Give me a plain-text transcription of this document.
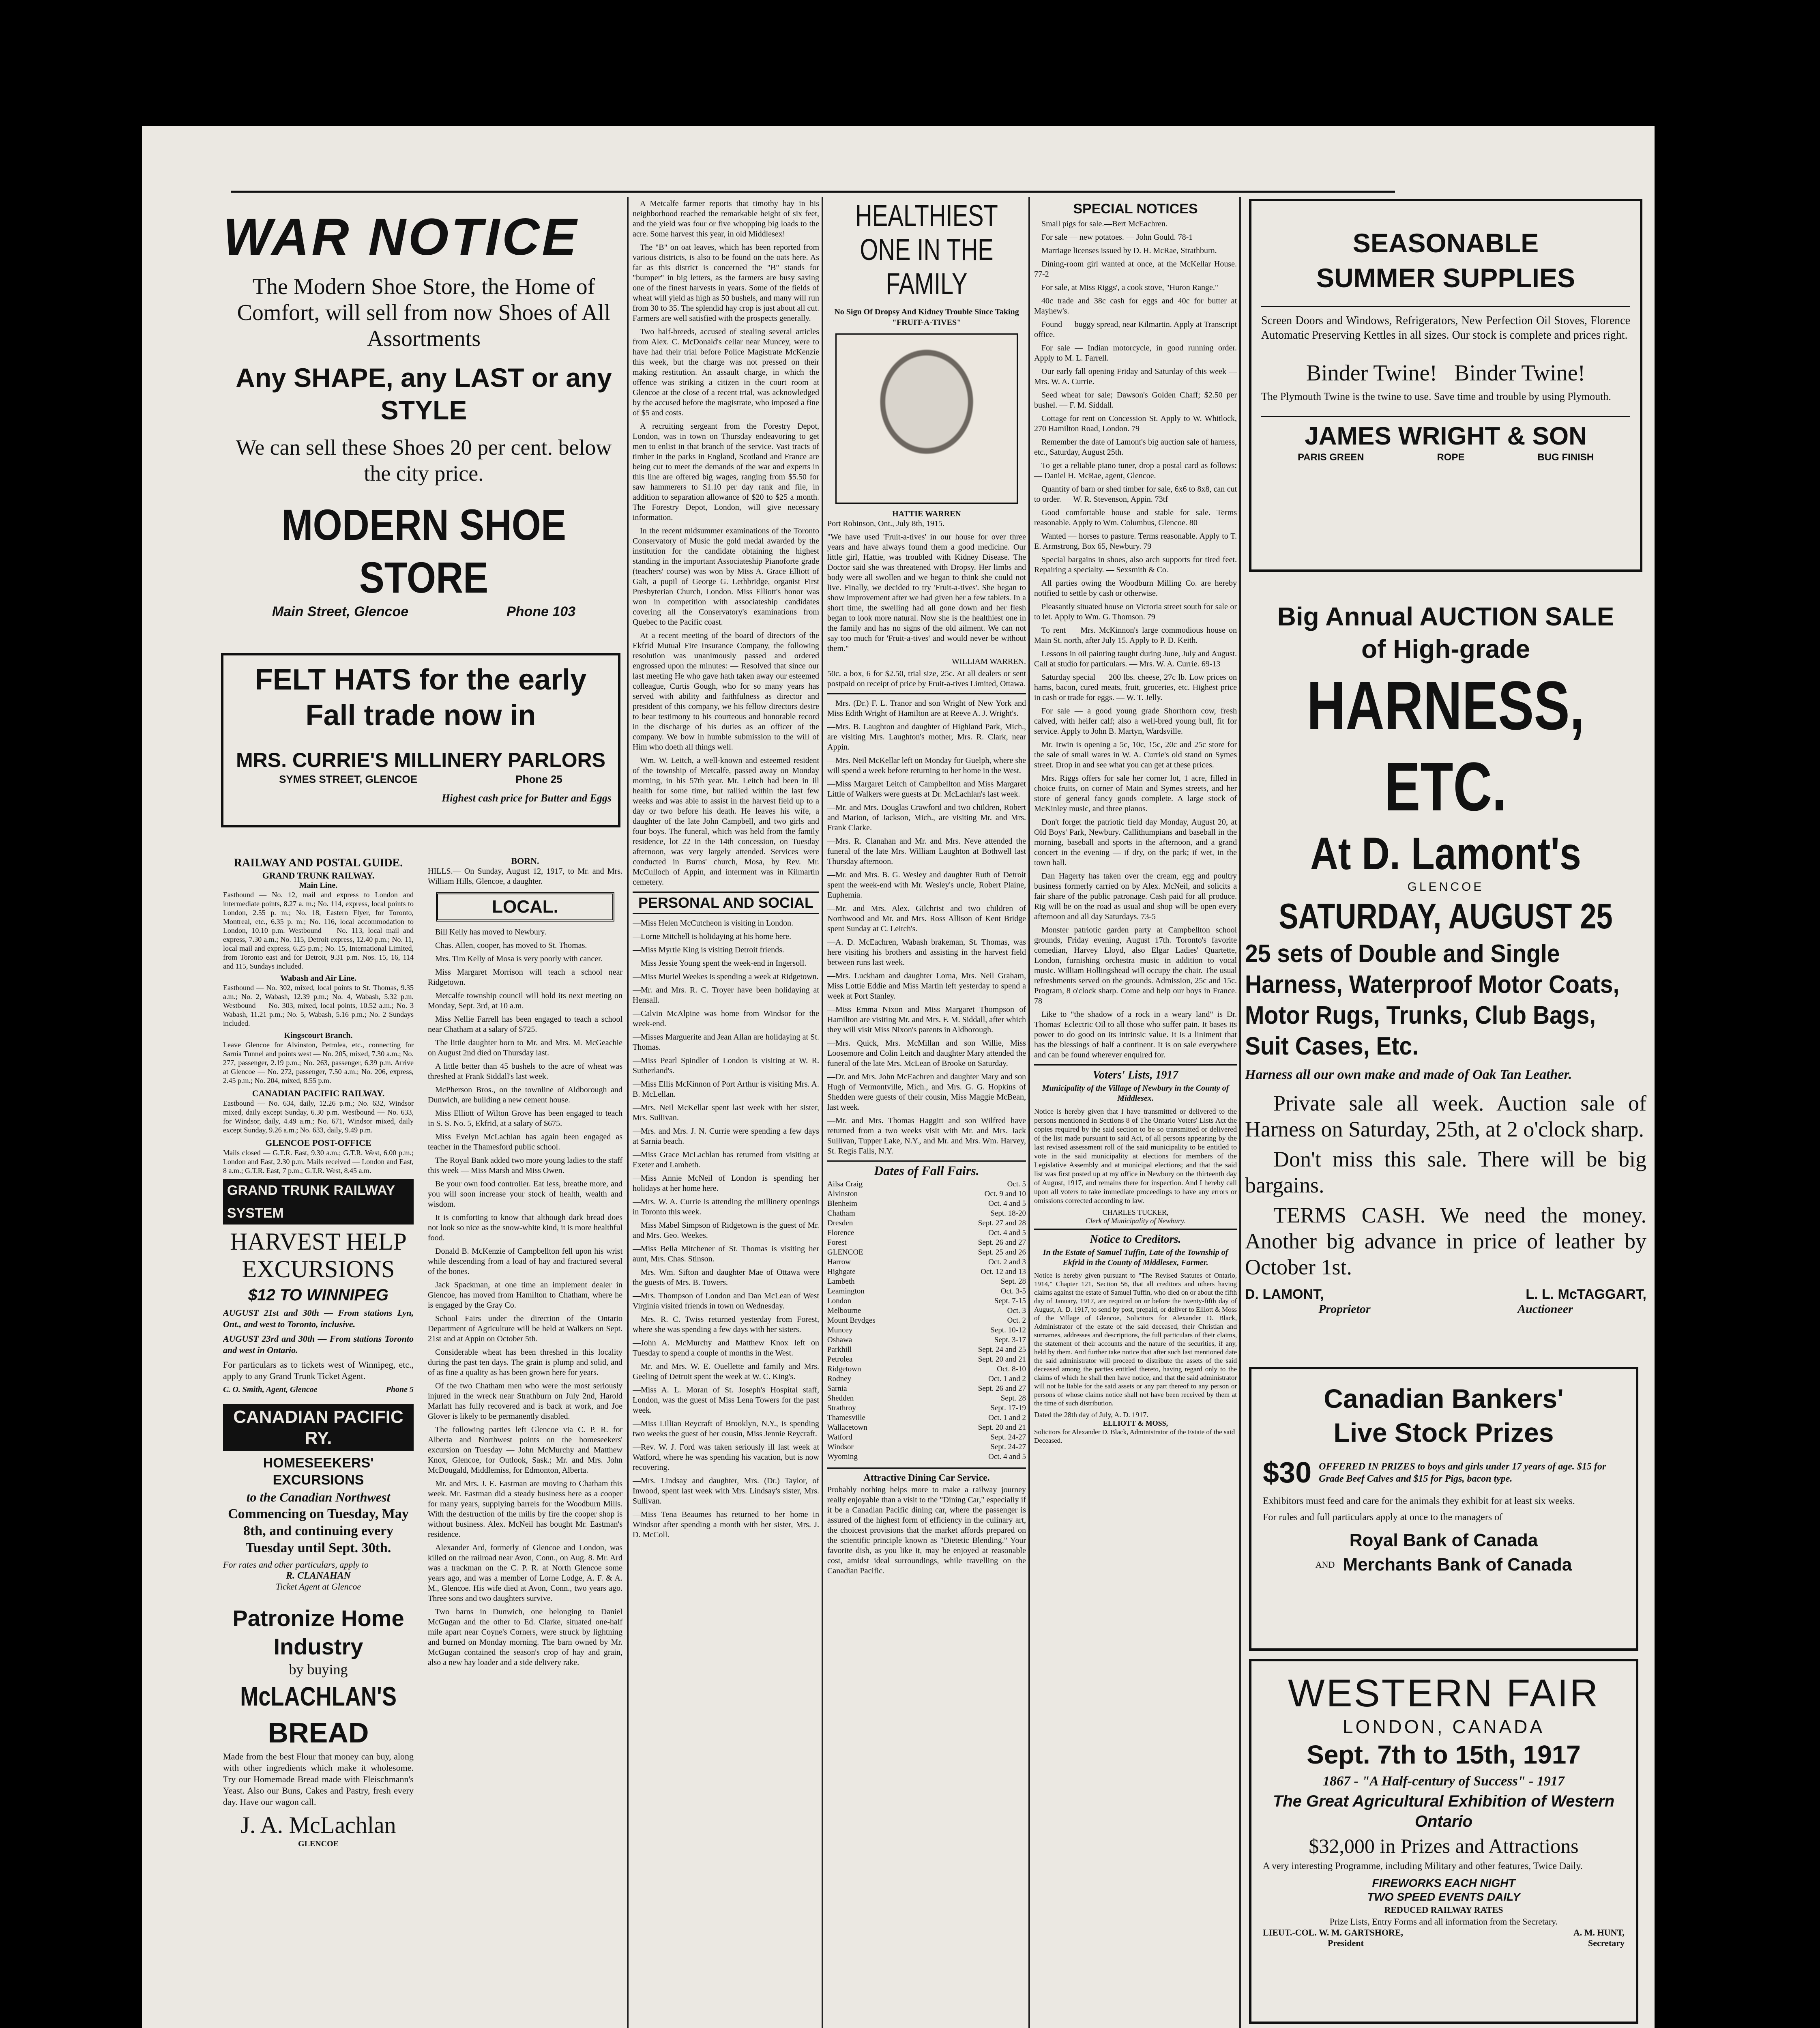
WAR NOTICE
The Modern Shoe Store, the Home of Comfort, will sell from now Shoes of All Assortments
Any SHAPE, any LAST or any STYLE
We can sell these Shoes 20 per cent. below the city price.
MODERN SHOE STORE
Main Street, Glencoe	Phone 103
FELT HATS for the early Fall trade now in
MRS. CURRIE'S MILLINERY PARLORS
SYMES STREET, GLENCOE	Phone 25
Highest cash price for Butter and Eggs

RAILWAY AND POSTAL GUIDE.

GRAND TRUNK RAILWAY.

Main Line.

Eastbound — No. 12, mail and express to London and intermediate points, 8.27 a. m.; No. 114, express, local points to London, 2.55 p. m.; No. 18, Eastern Flyer, for Toronto, Montreal, etc., 6.35 p. m.; No. 116, local accommodation to London, 10.10 p.m. Westbound — No. 113, local mail and express, 7.30 a.m.; No. 115, Detroit express, 12.40 p.m.; No. 11, local mail and express, 6.25 p.m.; No. 15, International Limited, from Toronto east and for Detroit, 9.31 p.m. Nos. 15, 16, 114 and 115, Sundays included.

Wabash and Air Line.

Eastbound — No. 302, mixed, local points to St. Thomas, 9.35 a.m.; No. 2, Wabash, 12.39 p.m.; No. 4, Wabash, 5.32 p.m. Westbound — No. 303, mixed, local points, 10.52 a.m.; No. 3 Wabash, 11.21 p.m.; No. 5, Wabash, 5.16 p.m.; No. 2 Sundays included.

Kingscourt Branch.

Leave Glencoe for Alvinston, Petrolea, etc., connecting for Sarnia Tunnel and points west — No. 205, mixed, 7.30 a.m.; No. 277, passenger, 2.19 p.m.; No. 263, passenger, 6.39 p.m. Arrive at Glencoe — No. 272, passenger, 7.50 a.m.; No. 206, express, 2.45 p.m.; No. 204, mixed, 8.55 p.m.

CANADIAN PACIFIC RAILWAY.

Eastbound — No. 634, daily, 12.26 p.m.; No. 632, Windsor mixed, daily except Sunday, 6.30 p.m. Westbound — No. 633, for Windsor, daily, 4.49 a.m.; No. 671, Windsor mixed, daily except Sunday, 9.26 a.m.; No. 633, daily, 9.49 p.m.

GLENCOE POST-OFFICE

Mails closed — G.T.R. East, 9.30 a.m.; G.T.R. West, 6.00 p.m.; London and East, 2.30 p.m. Mails received — London and East, 8 a.m.; G.T.R. East, 7 p.m.; G.T.R. West, 8.45 a.m.

GRAND TRUNK RAILWAY SYSTEM
HARVEST HELP EXCURSIONS
$12 TO WINNIPEG

AUGUST 21st and 30th — From stations Lyn, Ont., and west to Toronto, inclusive.

AUGUST 23rd and 30th — From stations Toronto and west in Ontario.

For particulars as to tickets west of Winnipeg, etc., apply to any Grand Trunk Ticket Agent.

C. O. Smith, Agent, Glencoe	Phone 5
CANADIAN PACIFIC RY.
HOMESEEKERS' EXCURSIONS
to the Canadian Northwest
Commencing on Tuesday, May 8th, and continuing every Tuesday until Sept. 30th.
For rates and other particulars, apply to
R. CLANAHAN
Ticket Agent at Glencoe
Patronize Home Industry
by buying
McLACHLAN'S
BREAD

Made from the best Flour that money can buy, along with other ingredients which make it wholesome. Try our Homemade Bread made with Fleischmann's Yeast. Also our Buns, Cakes and Pastry, fresh every day. Have our wagon call.

J. A. McLachlan
GLENCOE

BORN.

HILLS.— On Sunday, August 12, 1917, to Mr. and Mrs. William Hills, Glencoe, a daughter.

LOCAL.

Bill Kelly has moved to Newbury.

Chas. Allen, cooper, has moved to St. Thomas.

Mrs. Tim Kelly of Mosa is very poorly with cancer.

Miss Margaret Morrison will teach a school near Ridgetown.

Metcalfe township council will hold its next meeting on Monday, Sept. 3rd, at 10 a.m.

Miss Nellie Farrell has been engaged to teach a school near Chatham at a salary of $725.

The little daughter born to Mr. and Mrs. M. McGeachie on August 2nd died on Thursday last.

A little better than 45 bushels to the acre of wheat was threshed at Frank Siddall's last week.

McPherson Bros., on the townline of Aldborough and Dunwich, are building a new cement house.

Miss Elliott of Wilton Grove has been engaged to teach in S. S. No. 5, Ekfrid, at a salary of $675.

Miss Evelyn McLachlan has again been engaged as teacher in the Thamesford public school.

The Royal Bank added two more young ladies to the staff this week — Miss Marsh and Miss Owen.

Be your own food controller. Eat less, breathe more, and you will soon increase your stock of health, wealth and wisdom.

It is comforting to know that although dark bread does not look so nice as the snow-white kind, it is more healthful food.

Donald B. McKenzie of Campbellton fell upon his wrist while descending from a load of hay and fractured several of the bones.

Jack Spackman, at one time an implement dealer in Glencoe, has moved from Hamilton to Chatham, where he is engaged by the Gray Co.

School Fairs under the direction of the Ontario Department of Agriculture will be held at Walkers on Sept. 21st and at Appin on October 5th.

Considerable wheat has been threshed in this locality during the past ten days. The grain is plump and solid, and of as fine a quality as has been grown here for years.

Of the two Chatham men who were the most seriously injured in the wreck near Strathburn on July 2nd, Harold Marlatt has fully recovered and is back at work, and Joe Glover is likely to be permanently disabled.

The following parties left Glencoe via C. P. R. for Alberta and Northwest points on the homeseekers' excursion on Tuesday — John McMurchy and Matthew Knox, Glencoe, for Outlook, Sask.; Mr. and Mrs. John McDougald, Middlemiss, for Edmonton, Alberta.

Mr. and Mrs. J. E. Eastman are moving to Chatham this week. Mr. Eastman did a steady business here as a cooper for many years, supplying barrels for the Woodburn Mills. With the destruction of the mills by fire the cooper shop is without business. Alex. McNeil has bought Mr. Eastman's residence.

Alexander Ard, formerly of Glencoe and London, was killed on the railroad near Avon, Conn., on Aug. 8. Mr. Ard was a trackman on the C. P. R. at North Glencoe some years ago, and was a member of Lorne Lodge, A. F. & A. M., Glencoe. His wife died at Avon, Conn., two years ago. Three sons and two daughters survive.

Two barns in Dunwich, one belonging to Daniel McGugan and the other to Ed. Clarke, situated one-half mile apart near Coyne's Corners, were struck by lightning and burned on Monday morning. The barn owned by Mr. McGugan contained the season's crop of hay and grain, also a new hay loader and a side delivery rake.

A Metcalfe farmer reports that timothy hay in his neighborhood reached the remarkable height of six feet, and the yield was four or five whopping big loads to the acre. Some harvest this year, in old Middlesex!

The "B" on oat leaves, which has been reported from various districts, is also to be found on the oats here. As far as this district is concerned the "B" stands for "bumper" in big letters, as the farmers are busy saving one of the finest harvests in years. Some of the fields of wheat will yield as high as 50 bushels, and many will run from 30 to 35. The splendid hay crop is just about all cut. Farmers are well satisfied with the prospects generally.

Two half-breeds, accused of stealing several articles from Alex. C. McDonald's cellar near Muncey, were to have had their trial before Police Magistrate McKenzie this week, but the charge was not pressed on their making restitution. An assault charge, in which the offence was striking a citizen in the court room at Glencoe at the close of a recent trial, was acknowledged by the accused before the magistrate, who imposed a fine of $5 and costs.

A recruiting sergeant from the Forestry Depot, London, was in town on Thursday endeavoring to get men to enlist in that branch of the service. Vast tracts of timber in the parks in England, Scotland and France are being cut to meet the demands of the war and experts in this line are offered big wages, ranging from $5.50 for saw hammerers to $1.10 per day rank and file, in addition to separation allowance of $20 to $25 a month. The Forestry Depot, London, will give necessary information.

In the recent midsummer examinations of the Toronto Conservatory of Music the gold medal awarded by the institution for the candidate obtaining the highest standing in the important Associateship Pianoforte grade (teachers' course) was won by Miss A. Grace Elliott of Galt, a pupil of George G. Lethbridge, organist First Presbyterian Church, London. Miss Elliott's honor was won in competition with associateship candidates covering all the Conservatory's examinations from Quebec to the Pacific coast.

At a recent meeting of the board of directors of the Ekfrid Mutual Fire Insurance Company, the following resolution was unanimously passed and ordered engrossed upon the minutes: — Resolved that since our last meeting He who gave hath taken away our esteemed colleague, Curtis Gough, who for so many years has served with ability and faithfulness as director and president of this company, we his fellow directors desire to bear testimony to his courteous and honorable record in the discharge of his duties as an officer of the company. We bow in humble submission to the will of Him who doeth all things well.

Wm. W. Leitch, a well-known and esteemed resident of the township of Metcalfe, passed away on Monday morning, in his 57th year. Mr. Leitch had been in ill health for some time, but rallied within the last few weeks and was able to assist in the harvest field up to a day or two before his death. He leaves his wife, a daughter of the late John Campbell, and two girls and four boys. The funeral, which was held from the family residence, lot 22 in the 14th concession, on Tuesday afternoon, was very largely attended. Services were conducted in Burns' church, Mosa, by Rev. Mr. McCulloch of Appin, and interment was in Kilmartin cemetery.

PERSONAL AND SOCIAL

—Miss Helen McCutcheon is visiting in London.

—Lorne Mitchell is holidaying at his home here.

—Miss Myrtle King is visiting Detroit friends.

—Miss Jessie Young spent the week-end in Ingersoll.

—Miss Muriel Weekes is spending a week at Ridgetown.

—Mr. and Mrs. R. C. Troyer have been holidaying at Hensall.

—Calvin McAlpine was home from Windsor for the week-end.

—Misses Marguerite and Jean Allan are holidaying at St. Thomas.

—Miss Pearl Spindler of London is visiting at W. R. Sutherland's.

—Miss Ellis McKinnon of Port Arthur is visiting Mrs. A. B. McLellan.

—Mrs. Neil McKellar spent last week with her sister, Mrs. Sullivan.

—Mrs. and Mrs. J. N. Currie were spending a few days at Sarnia beach.

—Miss Grace McLachlan has returned from visiting at Exeter and Lambeth.

—Miss Annie McNeil of London is spending her holidays at her home here.

—Mrs. W. A. Currie is attending the millinery openings in Toronto this week.

—Miss Mabel Simpson of Ridgetown is the guest of Mr. and Mrs. Geo. Weekes.

—Miss Bella Mitchener of St. Thomas is visiting her aunt, Mrs. Chas. Stinson.

—Mrs. Wm. Sifton and daughter Mae of Ottawa were the guests of Mrs. B. Towers.

—Mrs. Thompson of London and Dan McLean of West Virginia visited friends in town on Wednesday.

—Mrs. R. C. Twiss returned yesterday from Forest, where she was spending a few days with her sisters.

—John A. McMurchy and Matthew Knox left on Tuesday to spend a couple of months in the West.

—Mr. and Mrs. W. E. Ouellette and family and Mrs. Geeling of Detroit spent the week at W. C. King's.

—Miss A. L. Moran of St. Joseph's Hospital staff, London, was the guest of Miss Lena Towers for the past week.

—Miss Lillian Reycraft of Brooklyn, N.Y., is spending two weeks the guest of her cousin, Miss Jennie Reycraft.

—Rev. W. J. Ford was taken seriously ill last week at Watford, where he was spending his vacation, but is now recovering.

—Mrs. Lindsay and daughter, Mrs. (Dr.) Taylor, of Inwood, spent last week with Mrs. Lindsay's sister, Mrs. Sullivan.

—Miss Tena Beaumes has returned to her home in Windsor after spending a month with her sister, Mrs. J. D. McColl.

HEALTHIEST ONE IN THE FAMILY
No Sign Of Dropsy And Kidney Trouble Since Taking "FRUIT-A-TIVES"
HATTIE WARREN

Port Robinson, Ont., July 8th, 1915.

"We have used 'Fruit-a-tives' in our house for over three years and have always found them a good medicine. Our little girl, Hattie, was troubled with Kidney Disease. The Doctor said she was threatened with Dropsy. Her limbs and body were all swollen and we began to think she could not live. Finally, we decided to try 'Fruit-a-tives'. She began to show improvement after we had given her a few tablets. In a short time, the swelling had all gone down and her flesh began to look more natural. Now she is the healthiest one in the family and has no signs of the old ailment. We can not say too much for 'Fruit-a-tives' and would never be without them."

WILLIAM WARREN.

50c. a box, 6 for $2.50, trial size, 25c. At all dealers or sent postpaid on receipt of price by Fruit-a-tives Limited, Ottawa.

—Mrs. (Dr.) F. L. Tranor and son Wright of New York and Miss Edith Wright of Hamilton are at Reeve A. J. Wright's.

—Mrs. B. Laughton and daughter of Highland Park, Mich., are visiting Mrs. Laughton's mother, Mrs. R. Clark, near Appin.

—Mrs. Neil McKellar left on Monday for Guelph, where she will spend a week before returning to her home in the West.

—Miss Margaret Leitch of Campbellton and Miss Margaret Little of Walkers were guests at Dr. McLachlan's last week.

—Mr. and Mrs. Douglas Crawford and two children, Robert and Marion, of Jackson, Mich., are visiting Mr. and Mrs. Frank Clarke.

—Mrs. R. Clanahan and Mr. and Mrs. Neve attended the funeral of the late Mrs. William Laughton at Bothwell last Thursday afternoon.

—Mr. and Mrs. B. G. Wesley and daughter Ruth of Detroit spent the week-end with Mr. Wesley's uncle, Robert Plaine, Euphemia.

—Mr. and Mrs. Alex. Gilchrist and two children of Northwood and Mr. and Mrs. Ross Allison of Kent Bridge spent Sunday at C. Leitch's.

—A. D. McEachren, Wabash brakeman, St. Thomas, was here visiting his brothers and assisting in the harvest field between runs last week.

—Mrs. Luckham and daughter Lorna, Mrs. Neil Graham, Miss Lottie Eddie and Miss Martin left yesterday to spend a week at Port Stanley.

—Miss Emma Nixon and Miss Margaret Thompson of Hamilton are visiting Mr. and Mrs. F. M. Siddall, after which they will visit Miss Nixon's parents in Aldborough.

—Mrs. Quick, Mrs. McMillan and son Willie, Miss Loosemore and Colin Leitch and daughter Mary attended the funeral of the late Mrs. McLean of Brooke on Saturday.

—Dr. and Mrs. John McEachren and daughter Mary and son Hugh of Vermontville, Mich., and Mrs. G. G. Hopkins of Shedden were guests of their cousin, Miss Maggie McBean, last week.

—Mr. and Mrs. Thomas Haggitt and son Wilfred have returned from a two weeks visit with Mr. and Mrs. Jack Sullivan, Tupper Lake, N.Y., and Mr. and Mrs. Wm. Harvey, St. Regis Falls, N.Y.

Dates of Fall Fairs.
Ailsa Craig	Oct. 5
Alvinston	Oct. 9 and 10
Blenheim	Oct. 4 and 5
Chatham	Sept. 18-20
Dresden	Sept. 27 and 28
Florence	Oct. 4 and 5
Forest	Sept. 26 and 27
GLENCOE	Sept. 25 and 26
Harrow	Oct. 2 and 3
Highgate	Oct. 12 and 13
Lambeth	Sept. 28
Leamington	Oct. 3-5
London	Sept. 7-15
Melbourne	Oct. 3
Mount Brydges	Oct. 2
Muncey	Sept. 10-12
Oshawa	Sept. 3-17
Parkhill	Sept. 24 and 25
Petrolea	Sept. 20 and 21
Ridgetown	Oct. 8-10
Rodney	Oct. 1 and 2
Sarnia	Sept. 26 and 27
Shedden	Sept. 28
Strathroy	Sept. 17-19
Thamesville	Oct. 1 and 2
Wallacetown	Sept. 20 and 21
Watford	Sept. 24-27
Windsor	Sept. 24-27
Wyoming	Oct. 4 and 5
Attractive Dining Car Service.

Probably nothing helps more to make a railway journey really enjoyable than a visit to the "Dining Car," especially if it be a Canadian Pacific dining car, where the passenger is assured of the highest form of efficiency in the culinary art, the choicest provisions that the market affords prepared on the scientific principle known as "Dietetic Blending." Your favorite dish, as you like it, may be enjoyed at reasonable cost, amidst ideal surroundings, while travelling on the Canadian Pacific.

SPECIAL NOTICES

Small pigs for sale.—Bert McEachren.

For sale — new potatoes. — John Gould. 78-1

Marriage licenses issued by D. H. McRae, Strathburn.

Dining-room girl wanted at once, at the McKellar House. 77-2

For sale, at Miss Riggs', a cook stove, "Huron Range."

40c trade and 38c cash for eggs and 40c for butter at Mayhew's.

Found — buggy spread, near Kilmartin. Apply at Transcript office.

For sale — Indian motorcycle, in good running order. Apply to M. L. Farrell.

Our early fall opening Friday and Saturday of this week — Mrs. W. A. Currie.

Seed wheat for sale; Dawson's Golden Chaff; $2.50 per bushel. — F. M. Siddall.

Cottage for rent on Concession St. Apply to W. Whitlock, 270 Hamilton Road, London. 79

Remember the date of Lamont's big auction sale of harness, etc., Saturday, August 25th.

To get a reliable piano tuner, drop a postal card as follows: — Daniel H. McRae, agent, Glencoe.

Quantity of barn or shed timber for sale, 6x6 to 8x8, can cut to order. — W. R. Stevenson, Appin. 73tf

Good comfortable house and stable for sale. Terms reasonable. Apply to Wm. Columbus, Glencoe. 80

Wanted — horses to pasture. Terms reasonable. Apply to T. E. Armstrong, Box 65, Newbury. 79

Special bargains in shoes, also arch supports for tired feet. Repairing a specialty. — Sexsmith & Co.

All parties owing the Woodburn Milling Co. are hereby notified to settle by cash or otherwise.

Pleasantly situated house on Victoria street south for sale or to let. Apply to Wm. G. Thomson. 79

To rent — Mrs. McKinnon's large commodious house on Main St. north, after July 15. Apply to P. D. Keith.

Lessons in oil painting taught during June, July and August. Call at studio for particulars. — Mrs. W. A. Currie. 69-13

Saturday special — 200 lbs. cheese, 27c lb. Low prices on hams, bacon, cured meats, fruit, groceries, etc. Highest price in cash or trade for eggs. — W. T. Jelly.

For sale — a good young grade Shorthorn cow, fresh calved, with heifer calf; also a well-bred young bull, fit for service. Apply to John B. Martyn, Wardsville.

Mr. Irwin is opening a 5c, 10c, 15c, 20c and 25c store for the sale of small wares in W. A. Currie's old stand on Symes street. Drop in and see what you can get at these prices.

Mrs. Riggs offers for sale her corner lot, 1 acre, filled in choice fruits, on corner of Main and Symes streets, and her store of general fancy goods complete. A large stock of McKinley music, and three pianos.

Don't forget the patriotic field day Monday, August 20, at Old Boys' Park, Newbury. Callithumpians and baseball in the morning, baseball and sports in the afternoon, and a grand concert in the evening — if dry, on the park; if wet, in the town hall.

Dan Hagerty has taken over the cream, egg and poultry business formerly carried on by Alex. McNeil, and solicits a fair share of the public patronage. Cash paid for all produce. Rig will be on the road as usual and shop will be open every afternoon and all day Saturdays. 73-5

Monster patriotic garden party at Campbellton school grounds, Friday evening, August 17th. Toronto's favorite comedian, Harvey Lloyd, also Elgar Ladies' Quartette, London, furnishing orchestra music in addition to vocal music. William Hollingshead will occupy the chair. The usual refreshments served on the grounds. Admission, 25c and 15c. Program, 8 o'clock sharp. Come and help our boys in France. 78

Like to "the shadow of a rock in a weary land" is Dr. Thomas' Eclectric Oil to all those who suffer pain. It bases its power to do good on its intrinsic value. It is a liniment that has the blessings of half a continent. It is on sale everywhere and can be found wherever enquired for.

Voters' Lists, 1917

Municipality of the Village of Newbury in the County of Middlesex.

Notice is hereby given that I have transmitted or delivered to the persons mentioned in Sections 8 of The Ontario Voters' Lists Act the copies required by the said section to be so transmitted or delivered of the list made pursuant to said Act, of all persons appearing by the last revised assessment roll of the said municipality to be entitled to vote in the said municipality at elections for members of the Legislative Assembly and at municipal elections; and that the said list was first posted up at my office in Newbury on the thirteenth day of August, 1917, and remains there for inspection. And I hereby call upon all voters to take immediate proceedings to have any errors or omissions corrected according to law.

CHARLES TUCKER,
Clerk of Municipality of Newbury.
Notice to Creditors.

In the Estate of Samuel Tuffin, Late of the Township of Ekfrid in the County of Middlesex, Farmer.

Notice is hereby given pursuant to "The Revised Statutes of Ontario, 1914," Chapter 121, Section 56, that all creditors and others having claims against the estate of Samuel Tuffin, who died on or about the fifth day of January, 1917, are required on or before the twenty-fifth day of August, A. D. 1917, to send by post, prepaid, or deliver to Elliott & Moss of the Village of Glencoe, Solicitors for Alexander D. Black, Administrator of the estate of the said deceased, their Christian and surnames, addresses and descriptions, the full particulars of their claims, the statement of their accounts and the nature of the securities, if any, held by them. And further take notice that after such last mentioned date the said administrator will proceed to distribute the assets of the said deceased among the parties entitled thereto, having regard only to the claims of which he shall then have notice, and that the said administrator will not be liable for the said assets or any part thereof to any person or persons of whose claims notice shall not have been received by them at the time of such distribution.

Dated the 28th day of July, A. D. 1917.
ELLIOTT & MOSS,
Solicitors for Alexander D. Black, Administrator of the Estate of the said Deceased.
SEASONABLE
SUMMER SUPPLIES
Screen Doors and Windows, Refrigerators, New Perfection Oil Stoves, Florence Automatic Preserving Kettles in all sizes. Our stock is complete and prices right.
Binder Twine!   Binder Twine!
The Plymouth Twine is the twine to use. Save time and trouble by using Plymouth.
JAMES WRIGHT & SON
PARIS GREEN	ROPE	BUG FINISH
Big Annual AUCTION SALE
of High-grade
HARNESS, ETC.
At D. Lamont's
GLENCOE
SATURDAY, AUGUST 25
25 sets of Double and Single Harness, Waterproof Motor Coats, Motor Rugs, Trunks, Club Bags, Suit Cases, Etc.
Harness all our own make and made of Oak Tan Leather.
Private sale all week. Auction sale of Harness on Saturday, 25th, at 2 o'clock sharp.
Don't miss this sale. There will be big bargains.
TERMS CASH. We need the money. Another big advance in price of leather by October 1st.
D. LAMONT,	L. L. McTAGGART,
Proprietor	Auctioneer
Canadian Bankers'
Live Stock Prizes
$30 OFFERED IN PRIZES to boys and girls under 17 years of age. $15 for Grade Beef Calves and $15 for Pigs, bacon type.
Exhibitors must feed and care for the animals they exhibit for at least six weeks.
For rules and full particulars apply at once to the managers of
Royal Bank of Canada
AND Merchants Bank of Canada
WESTERN FAIR
LONDON, CANADA
Sept. 7th to 15th, 1917
1867 - "A Half-century of Success" - 1917
The Great Agricultural Exhibition of Western Ontario
$32,000 in Prizes and Attractions
A very interesting Programme, including Military and other features, Twice Daily.
FIREWORKS EACH NIGHT
TWO SPEED EVENTS DAILY
REDUCED RAILWAY RATES
Prize Lists, Entry Forms and all information from the Secretary.
LIEUT.-COL. W. M. GARTSHORE,	A. M. HUNT,
President	Secretary
